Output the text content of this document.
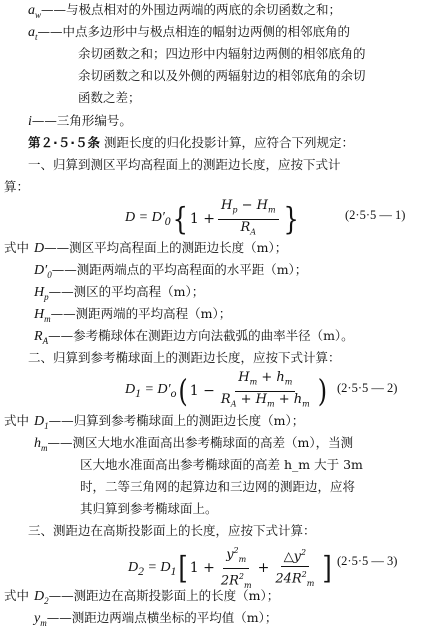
$a_w——$与极点相对的外围边两端的两底的余切函数之和；
$a_t——$中点多边形中与极点相连的幅射边两侧的相邻底角的
余切函数之和；四边形中内辐射边两侧的相邻底角的
余切函数之和以及外侧的两辐射边的相邻底角的余切
函数之差；
i——三角形编号。
第２·５·５条 测距长度的归化投影计算，应符合下列规定：
一、归算到测区平均高程面上的测距边长度，应按下式计
算：
$D = D'_0$ { $1 + \frac{H_p - H_m}{R_A}$ }	(2·5·5 — 1)
式中 D——测区平均高程面上的测距边长度（m）；
$D'_0——$测距两端点的平均高程面的水平距（m）；
$H_p——$测区的平均高程（m）；
$H_m——$测距两端的平均高程（m）；
$R_A——$参考椭球体在测距边方向法截弧的曲率半径（m）。
二、归算到参考椭球面上的测距边长度，应按下式计算：
$D_1 = D'_o$ ( $1 - \frac{H_m + h_m}{R_A + H_m + h_m}$ ) (2·5·5 — 2)
式中 $D_1——$归算到参考椭球面上的测距边长度（m）；
$h_m——$测区大地水准面高出参考椭球面的高差（m），当测
区大地水准面高出参考椭球面的高差 h_m 大于 3m
时，二等三角网的起算边和三边网的测距边，应将
其归算到参考椭球面上。
三、测距边在高斯投影面上的长度，应按下式计算：
$D_2 = D_1$ [ $1 + \frac{y^2_m}{2R^2_m} + \frac{\triangle y^2}{24R^2_m}$ ] (2·5·5 — 3)
式中 $D_2——$测距边在高斯投影面上的长度（m）；
$y_m——$测距边两端点横坐标的平均值（m）；
